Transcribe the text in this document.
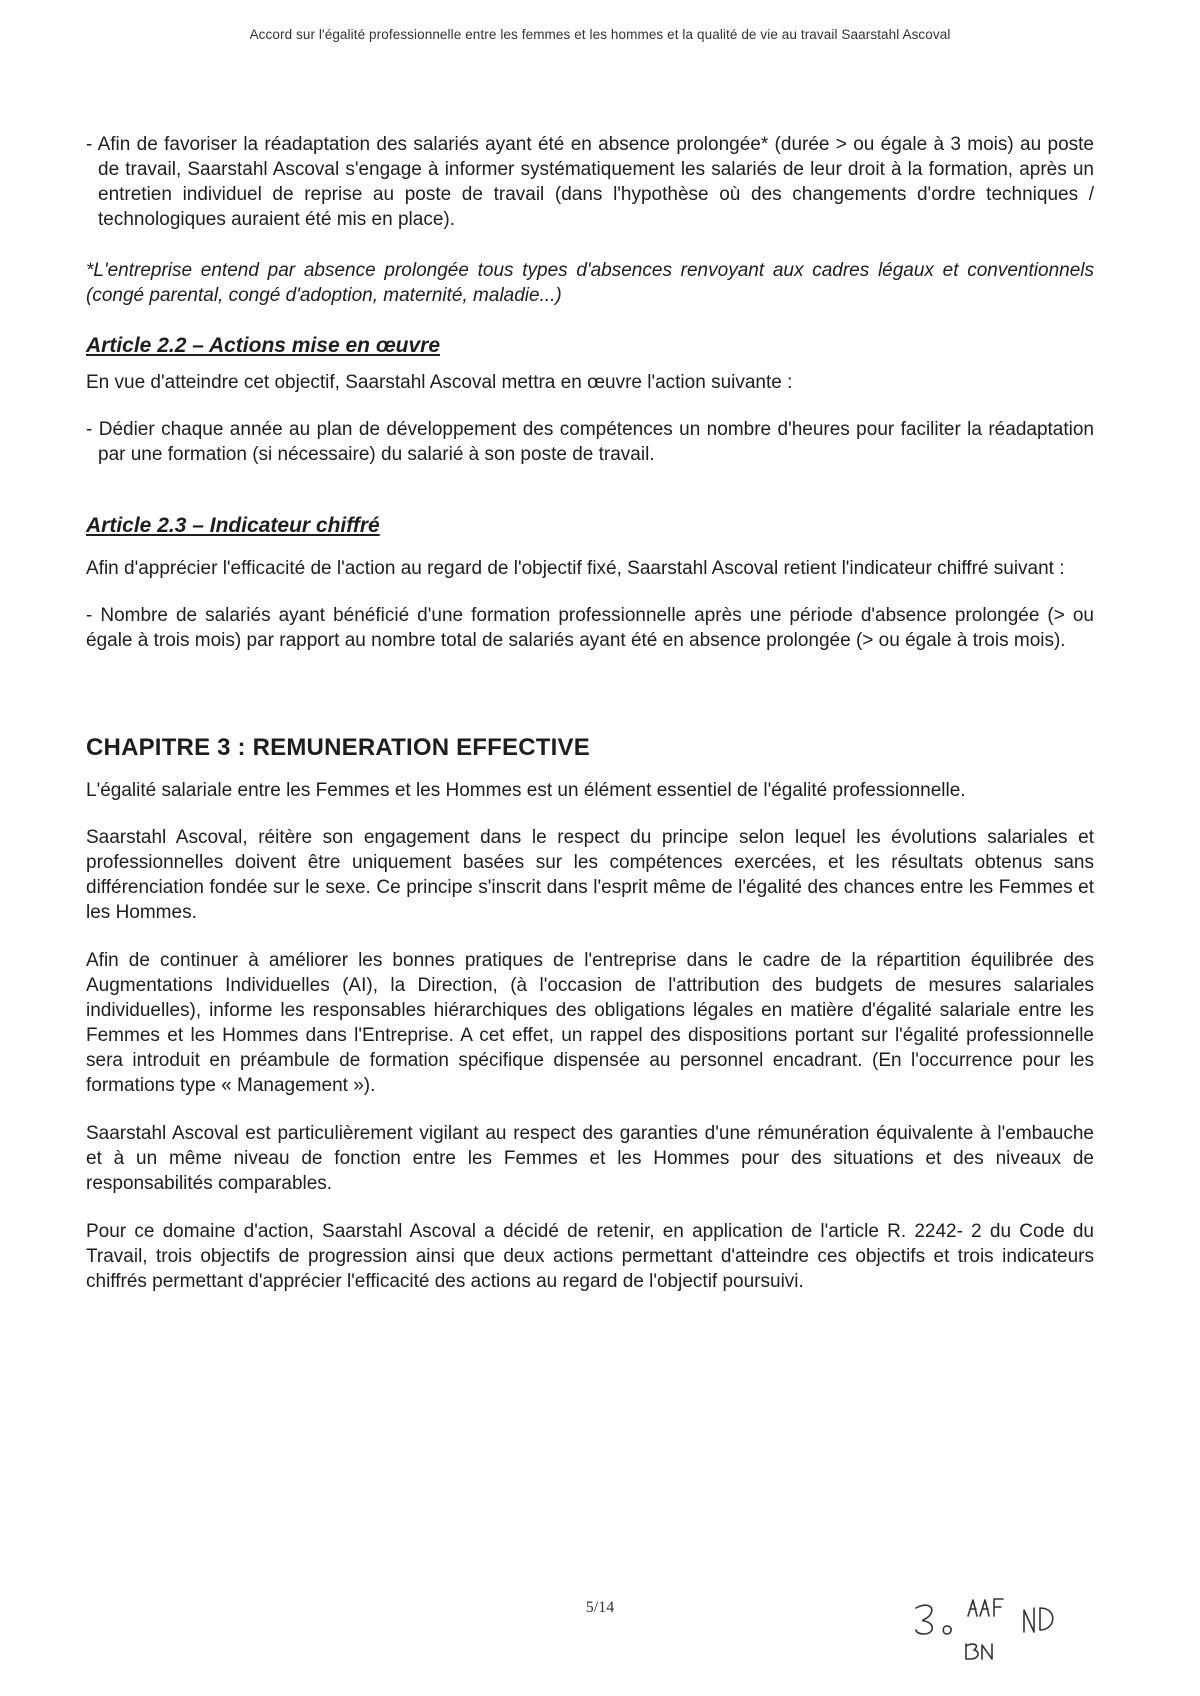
Accord sur l'égalité professionnelle entre les femmes et les hommes et la qualité de vie au travail Saarstahl Ascoval

- Afin de favoriser la réadaptation des salariés ayant été en absence prolongée* (durée > ou égale à 3 mois) au poste de travail, Saarstahl Ascoval s'engage à informer systématiquement les salariés de leur droit à la formation, après un entretien individuel de reprise au poste de travail (dans l'hypothèse où des changements d'ordre techniques / technologiques auraient été mis en place).

*L'entreprise entend par absence prolongée tous types d'absences renvoyant aux cadres légaux et conventionnels (congé parental, congé d'adoption, maternité, maladie...)

Article 2.2 – Actions mise en œuvre

En vue d'atteindre cet objectif, Saarstahl Ascoval mettra en œuvre l'action suivante :

- Dédier chaque année au plan de développement des compétences un nombre d'heures pour faciliter la réadaptation par une formation (si nécessaire) du salarié à son poste de travail.

Article 2.3 – Indicateur chiffré

Afin d'apprécier l'efficacité de l'action au regard de l'objectif fixé, Saarstahl Ascoval retient l'indicateur chiffré suivant :

- Nombre de salariés ayant bénéficié d'une formation professionnelle après une période d'absence prolongée (> ou égale à trois mois) par rapport au nombre total de salariés ayant été en absence prolongée (> ou égale à trois mois).

CHAPITRE 3 : REMUNERATION EFFECTIVE

L'égalité salariale entre les Femmes et les Hommes est un élément essentiel de l'égalité professionnelle.

Saarstahl Ascoval, réitère son engagement dans le respect du principe selon lequel les évolutions salariales et professionnelles doivent être uniquement basées sur les compétences exercées, et les résultats obtenus sans différenciation fondée sur le sexe. Ce principe s'inscrit dans l'esprit même de l'égalité des chances entre les Femmes et les Hommes.

Afin de continuer à améliorer les bonnes pratiques de l'entreprise dans le cadre de la répartition équilibrée des Augmentations Individuelles (AI), la Direction, (à l'occasion de l'attribution des budgets de mesures salariales individuelles), informe les responsables hiérarchiques des obligations légales en matière d'égalité salariale entre les Femmes et les Hommes dans l'Entreprise. A cet effet, un rappel des dispositions portant sur l'égalité professionnelle sera introduit en préambule de formation spécifique dispensée au personnel encadrant. (En l'occurrence pour les formations type « Management »).

Saarstahl Ascoval est particulièrement vigilant au respect des garanties d'une rémunération équivalente à l'embauche et à un même niveau de fonction entre les Femmes et les Hommes pour des situations et des niveaux de responsabilités comparables.

Pour ce domaine d'action, Saarstahl Ascoval a décidé de retenir, en application de l'article R. 2242- 2 du Code du Travail, trois objectifs de progression ainsi que deux actions permettant d'atteindre ces objectifs et trois indicateurs chiffrés permettant d'apprécier l'efficacité des actions au regard de l'objectif poursuivi.

5/14
